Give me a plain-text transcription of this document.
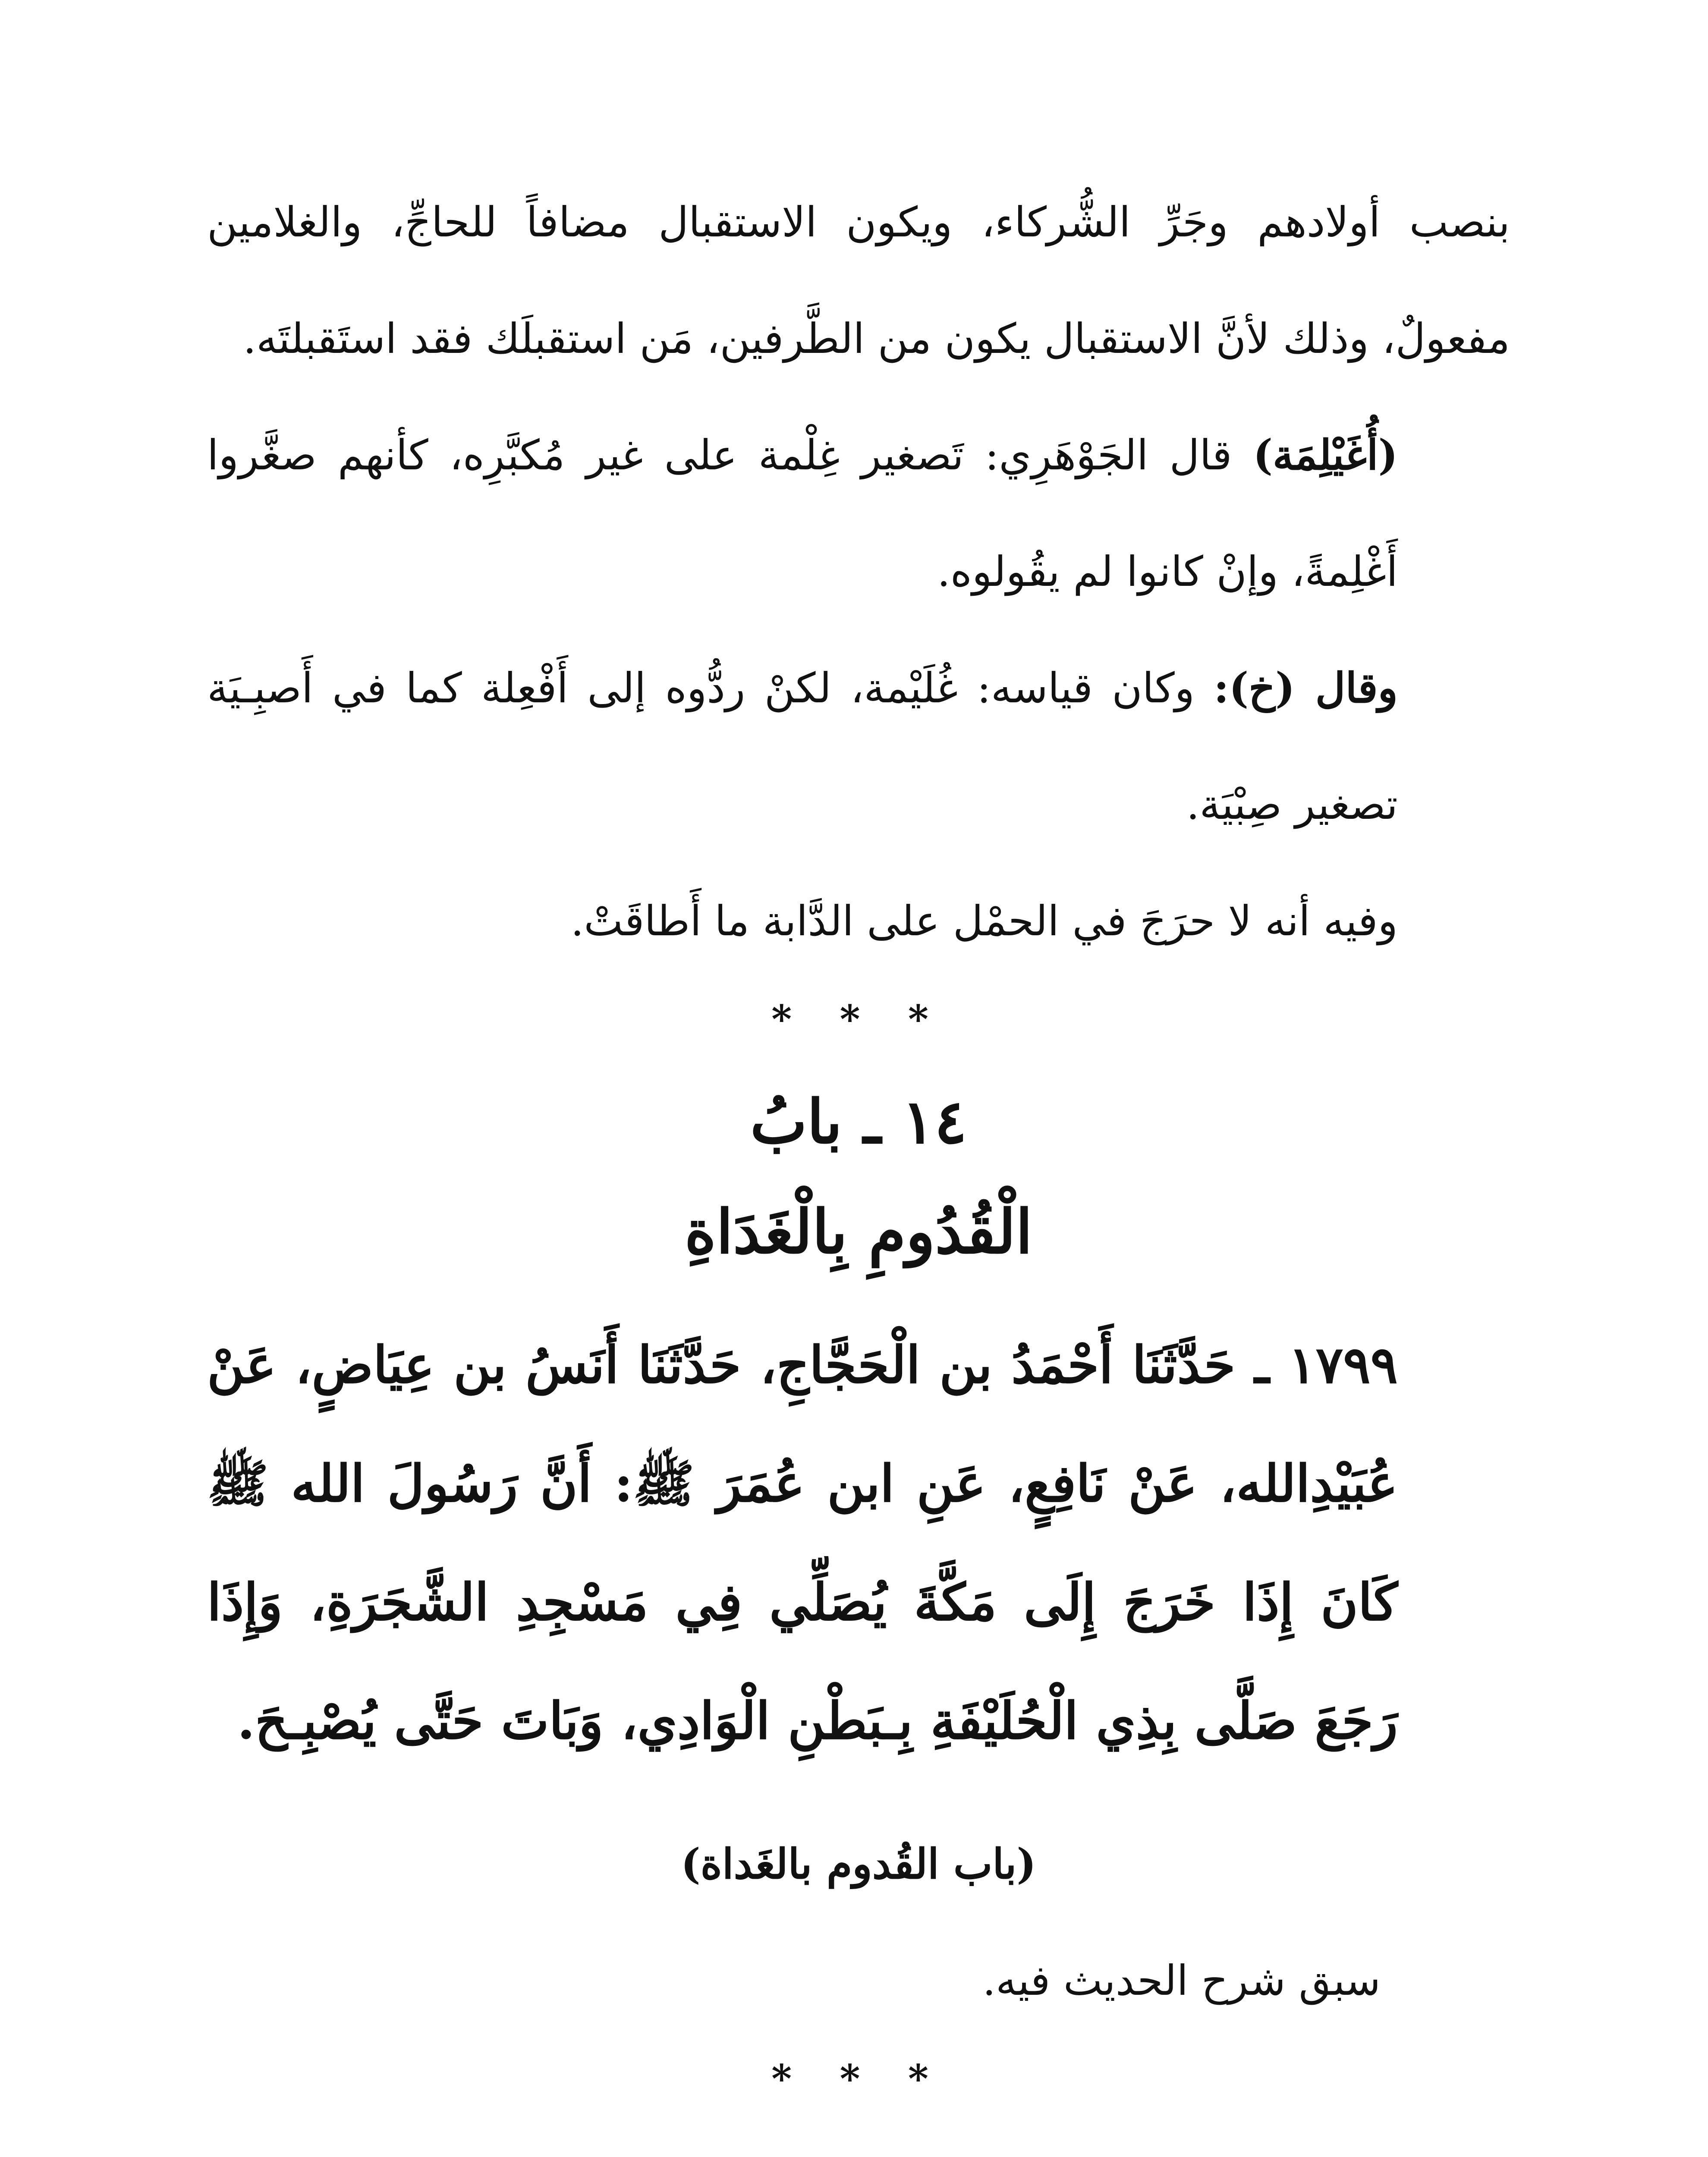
بنصب أولادهم وجَرِّ الشُّركاء، ويكون الاستقبال مضافاً للحاجِّ، والغلامين مفعولٌ، وذلك لأنَّ الاستقبال يكون من الطَّرفين، مَن استقبلَك فقد استَقبلتَه.

(أُغَيْلِمَة) قال الجَوْهَرِي: تَصغير غِلْمة على غير مُكبَّرِه، كأنهم صغَّروا أَغْلِمةً، وإنْ كانوا لم يقُولوه.

وقال (خ): وكان قياسه: غُلَيْمة، لكنْ ردُّوه إلى أَفْعِلة كما في أَصبِـيَة تصغير صِبْيَة.

وفيه أنه لا حرَجَ في الحمْل على الدَّابة ما أَطاقَتْ.

* * *
١٤ ـ بابُ
الْقُدُومِ بِالْغَدَاةِ

١٧٩٩ ـ حَدَّثَنَا أَحْمَدُ بن الْحَجَّاجِ، حَدَّثَنَا أَنَسُ بن عِيَاضٍ، عَنْ عُبَيْدِالله، عَنْ نَافِعٍ، عَنِ ابن عُمَرَ ﷺ: أَنَّ رَسُولَ الله ﷺ كَانَ إِذَا خَرَجَ إِلَى مَكَّةَ يُصَلِّي فِي مَسْجِدِ الشَّجَرَةِ، وَإِذَا رَجَعَ صَلَّى بِذِي الْحُلَيْفَةِ بِـبَطْنِ الْوَادِي، وَبَاتَ حَتَّى يُصْبِـحَ.

(باب القُدوم بالغَداة)

سبق شرح الحديث فيه.

* * *
